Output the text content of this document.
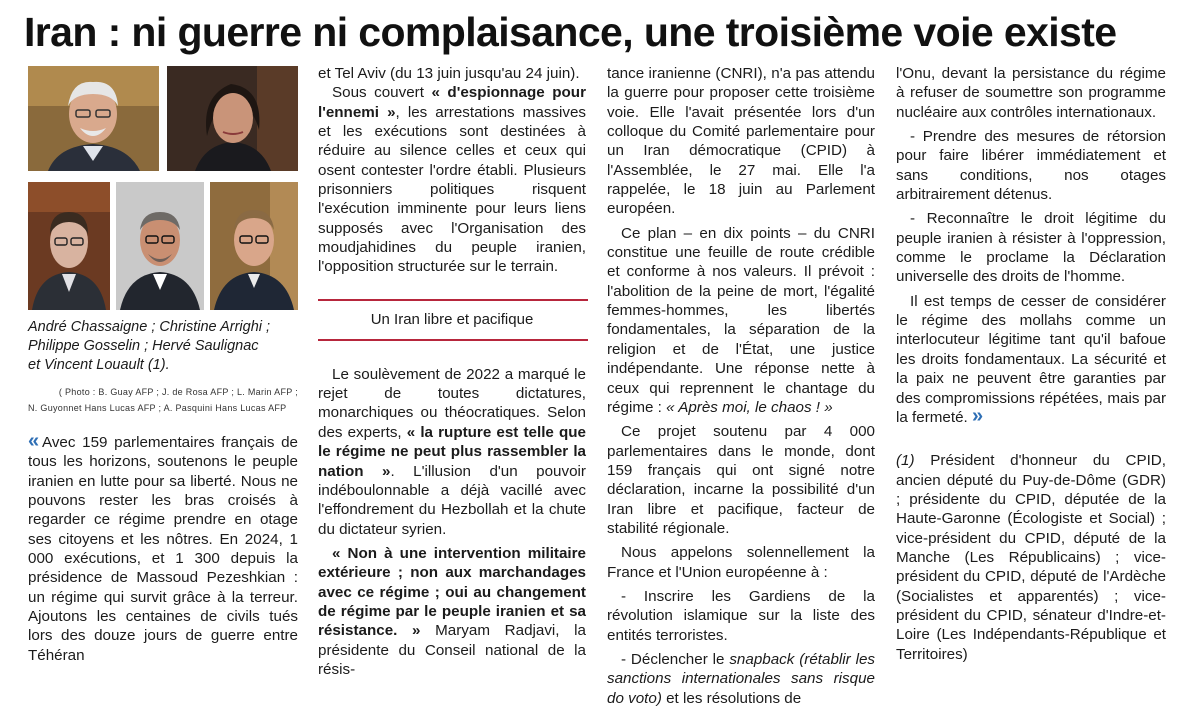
Iran : ni guerre ni complaisance, une troisième voie existe
André Chassaigne ; Christine Arrighi ;
Philippe Gosselin ; Hervé Saulignac
et Vincent Louault (1).
( Photo : B. Guay AFP ; J. de Rosa AFP ; L. Marin AFP ;
N. Guyonnet Hans Lucas AFP ; A. Pasquini Hans Lucas AFP

« Avec 159 parlementaires français de tous les horizons, soutenons le peuple iranien en lutte pour sa liberté. Nous ne pouvons rester les bras croisés à regarder ce régime prendre en otage ses citoyens et les nôtres. En 2024, 1 000 exécutions, et 1 300 depuis la présidence de Massoud Pezeshkian : un régime qui survit grâce à la terreur. Ajoutons les centaines de civils tués lors des douze jours de guerre entre Téhéran

et Tel Aviv (du 13 juin jusqu'au 24 juin).

Sous couvert « d'espionnage pour l'ennemi », les arrestations massives et les exécutions sont destinées à réduire au silence celles et ceux qui osent contester l'ordre établi. Plusieurs prisonniers politiques risquent l'exécution imminente pour leurs liens supposés avec l'Organisation des moudjahidines du peuple iranien, l'opposition structurée sur le terrain.

Un Iran libre et pacifique

Le soulèvement de 2022 a marqué le rejet de toutes dictatures, monarchiques ou théocratiques. Selon des experts, « la rupture est telle que le régime ne peut plus rassembler la nation ». L'illusion d'un pouvoir indéboulonnable a déjà vacillé avec l'effondrement du Hezbollah et la chute du dictateur syrien.

« Non à une intervention militaire extérieure ; non aux marchandages avec ce régime ; oui au changement de régime par le peuple iranien et sa résistance. » Maryam Radjavi, la présidente du Conseil national de la résis-

tance iranienne (CNRI), n'a pas attendu la guerre pour proposer cette troisième voie. Elle l'avait présentée lors d'un colloque du Comité parlementaire pour un Iran démocratique (CPID) à l'Assemblée, le 27 mai. Elle l'a rappelée, le 18 juin au Parlement européen.

Ce plan – en dix points – du CNRI constitue une feuille de route crédible et conforme à nos valeurs. Il prévoit : l'abolition de la peine de mort, l'égalité femmes-hommes, les libertés fondamentales, la séparation de la religion et de l'État, une justice indépendante. Une réponse nette à ceux qui reprennent le chantage du régime : « Après moi, le chaos ! »

Ce projet soutenu par 4 000 parlementaires dans le monde, dont 159 français qui ont signé notre déclaration, incarne la possibilité d'un Iran libre et pacifique, facteur de stabilité régionale.

Nous appelons solennellement la France et l'Union européenne à :

- Inscrire les Gardiens de la révolution islamique sur la liste des entités terroristes.

- Déclencher le snapback (rétablir les sanctions internationales sans risque do voto) et les résolutions de

l'Onu, devant la persistance du régime à refuser de soumettre son programme nucléaire aux contrôles internationaux.

- Prendre des mesures de rétorsion pour faire libérer immédiatement et sans conditions, nos otages arbitrairement détenus.

- Reconnaître le droit légitime du peuple iranien à résister à l'oppression, comme le proclame la Déclaration universelle des droits de l'homme.

Il est temps de cesser de considérer le régime des mollahs comme un interlocuteur légitime tant qu'il bafoue les droits fondamentaux. La sécurité et la paix ne peuvent être garanties par des compromissions répétées, mais par la fermeté. »

(1) Président d'honneur du CPID, ancien député du Puy-de-Dôme (GDR) ; présidente du CPID, députée de la Haute-Garonne (Écologiste et Social) ; vice-président du CPID, député de la Manche (Les Républicains) ; vice-président du CPID, député de l'Ardèche (Socialistes et apparentés) ; vice-président du CPID, sénateur d'Indre-et-Loire (Les Indépendants-République et Territoires)
